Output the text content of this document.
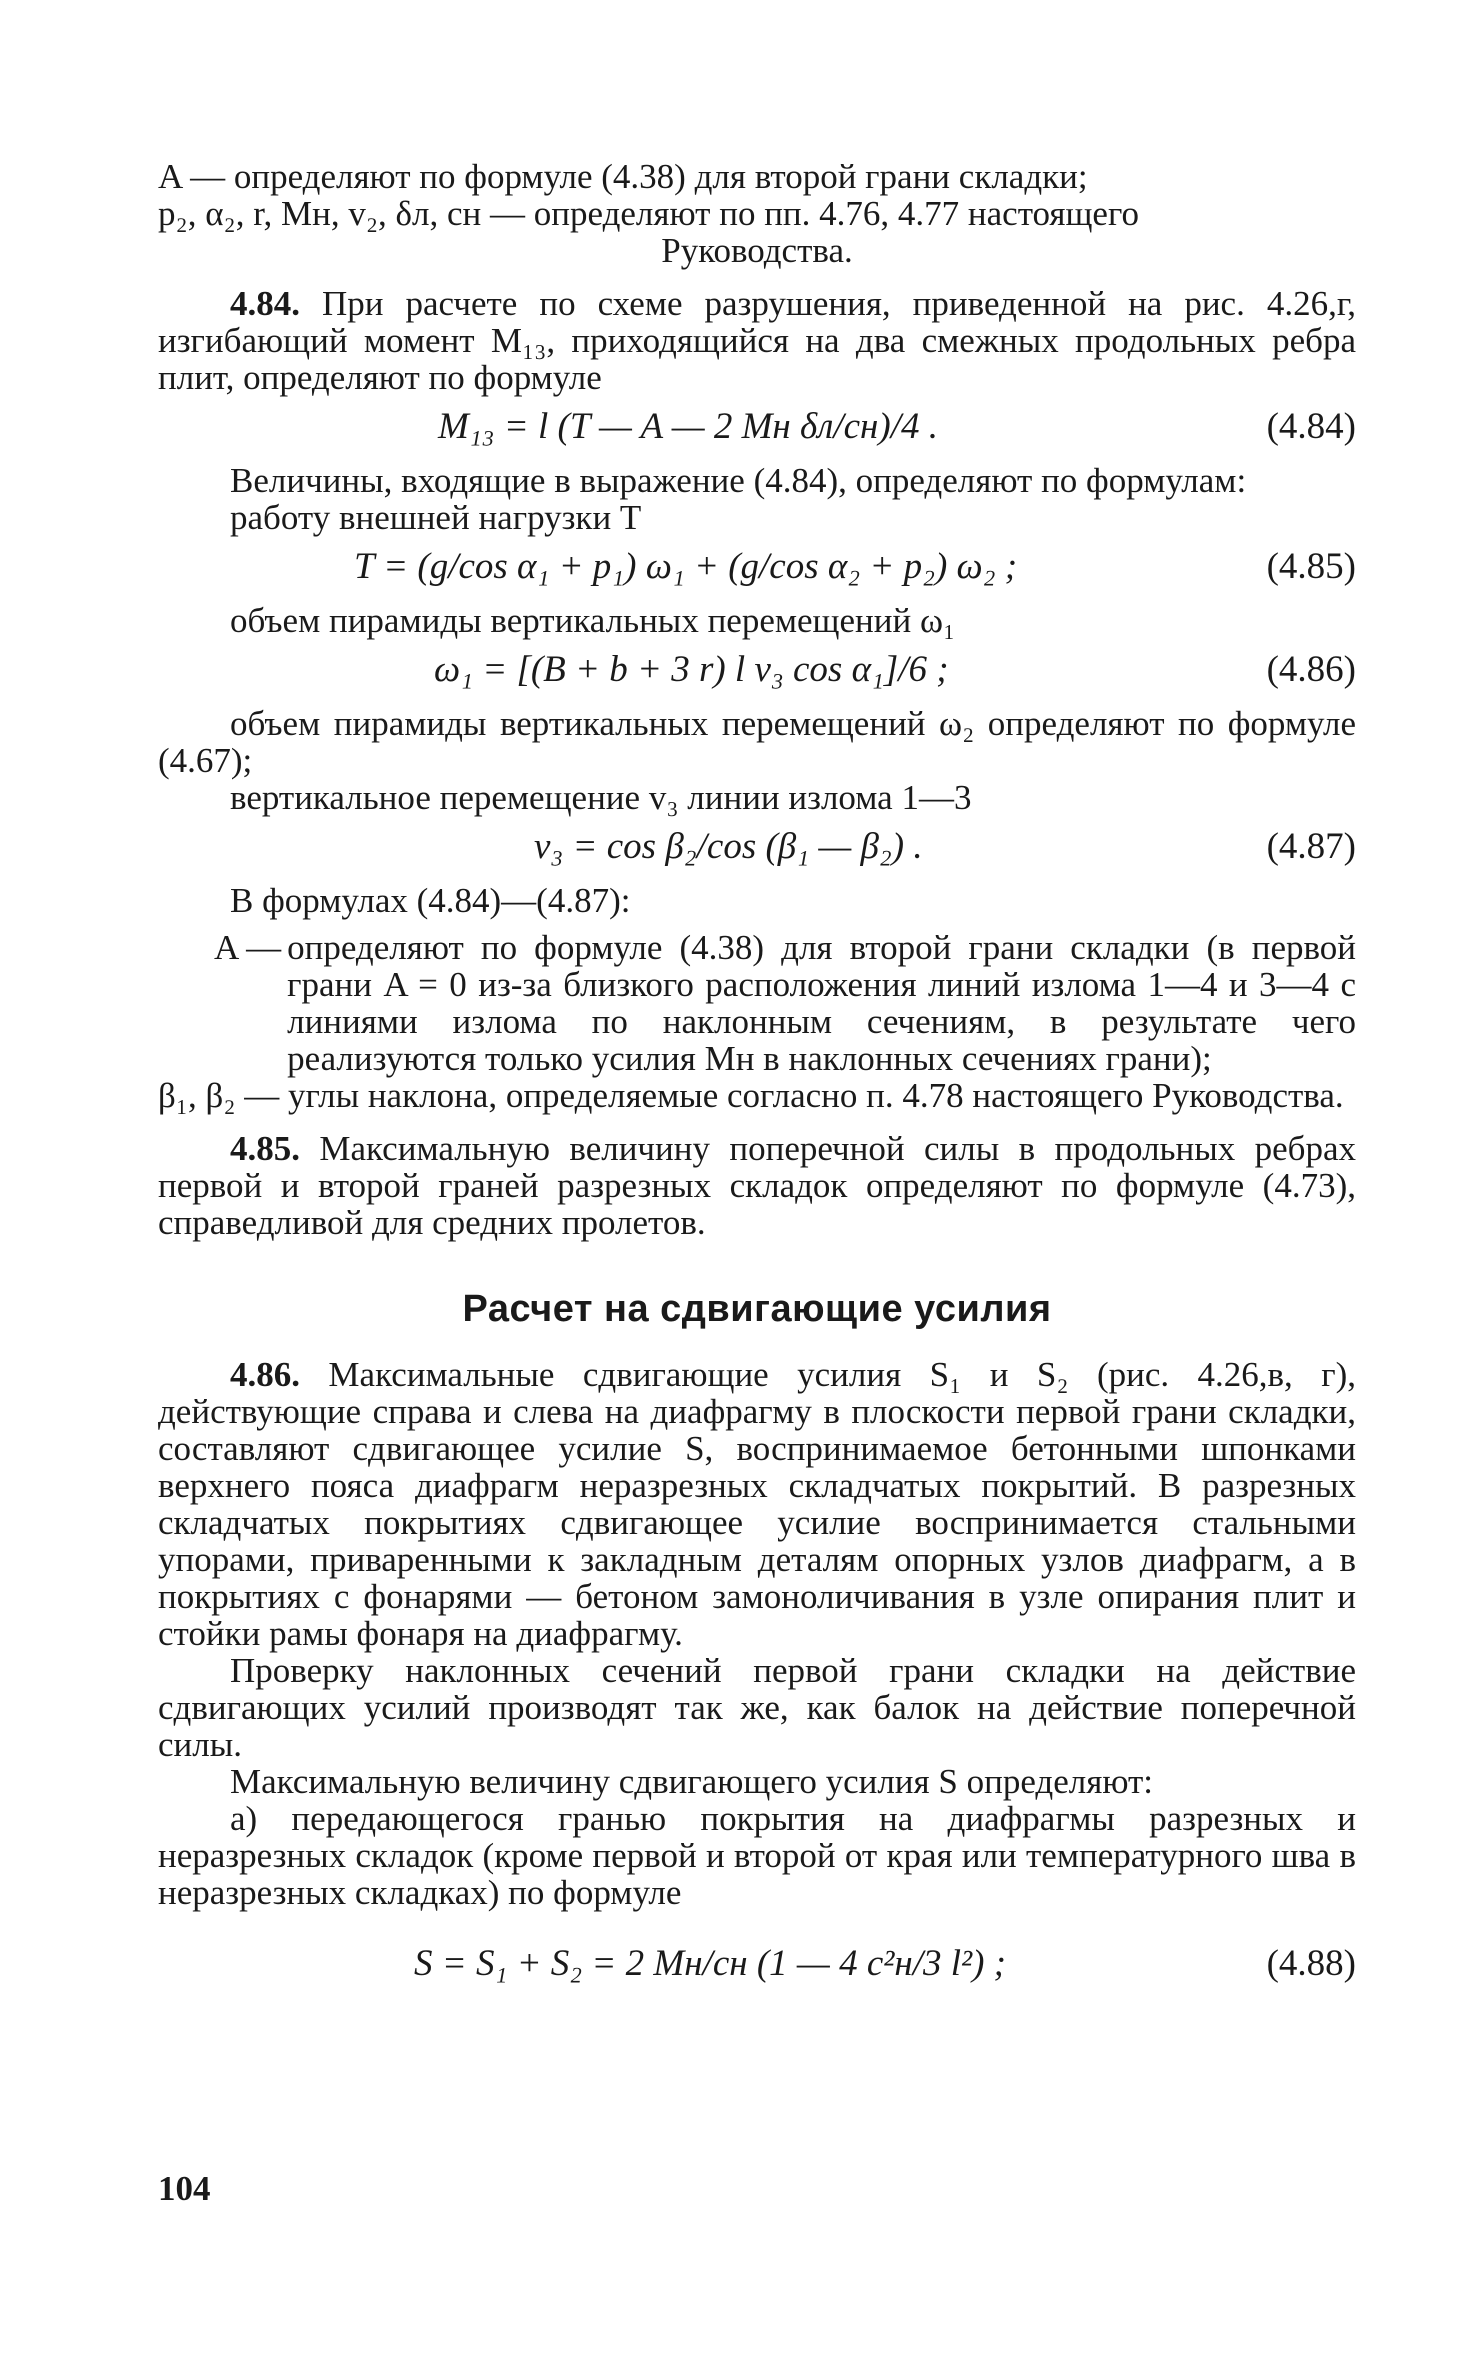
A — определяют по формуле (4.38) для второй грани складки;

p₂, α₂, r, Mн, v₂, δл, cн — определяют по пп. 4.76, 4.77 настоящего

Руководства.

4.84. При расчете по схеме разрушения, приведенной на рис. 4.26,г, изгибающий момент M₁₃, приходящийся на два смежных продольных ребра плит, определяют по формуле

M₁₃ = l (T — A — 2 Mн δл/cн)/4 .	(4.84)

Величины, входящие в выражение (4.84), определяют по формулам:

работу внешней нагрузки T

T = (g/cos α₁ + p₁) ω₁ + (g/cos α₂ + p₂) ω₂ ;	(4.85)

объем пирамиды вертикальных перемещений ω₁

ω₁ = [(B + b + 3 r) l v₃ cos α₁]/6 ;	(4.86)

объем пирамиды вертикальных перемещений ω₂ определяют по формуле (4.67);

вертикальное перемещение v₃ линии излома 1—3

v₃ = cos β₂/cos (β₁ — β₂) .	(4.87)

В формулах (4.84)—(4.87):

A — определяют по формуле (4.38) для второй грани складки (в первой грани A = 0 из-за близкого расположения линий излома 1—4 и 3—4 с линиями излома по наклонным сечениям, в результате чего реализуются только усилия Mн в наклонных сечениях грани);

β₁, β₂ — углы наклона, определяемые согласно п. 4.78 настоящего Руководства.

4.85. Максимальную величину поперечной силы в продольных ребрах первой и второй граней разрезных складок определяют по формуле (4.73), справедливой для средних пролетов.

Расчет на сдвигающие усилия

4.86. Максимальные сдвигающие усилия S₁ и S₂ (рис. 4.26,в, г), действующие справа и слева на диафрагму в плоскости первой грани складки, составляют сдвигающее усилие S, воспринимаемое бетонными шпонками верхнего пояса диафрагм неразрезных складчатых покрытий. В разрезных складчатых покрытиях сдвигающее усилие воспринимается стальными упорами, приваренными к закладным деталям опорных узлов диафрагм, а в покрытиях с фонарями — бетоном замоноличивания в узле опирания плит и стойки рамы фонаря на диафрагму.

Проверку наклонных сечений первой грани складки на действие сдвигающих усилий производят так же, как балок на действие поперечной силы.

Максимальную величину сдвигающего усилия S определяют:

а) передающегося гранью покрытия на диафрагмы разрезных и неразрезных складок (кроме первой и второй от края или температурного шва в неразрезных складках) по формуле

S = S₁ + S₂ = 2 Mн/cн (1 — 4 c²н/3 l²) ;	(4.88)
104
